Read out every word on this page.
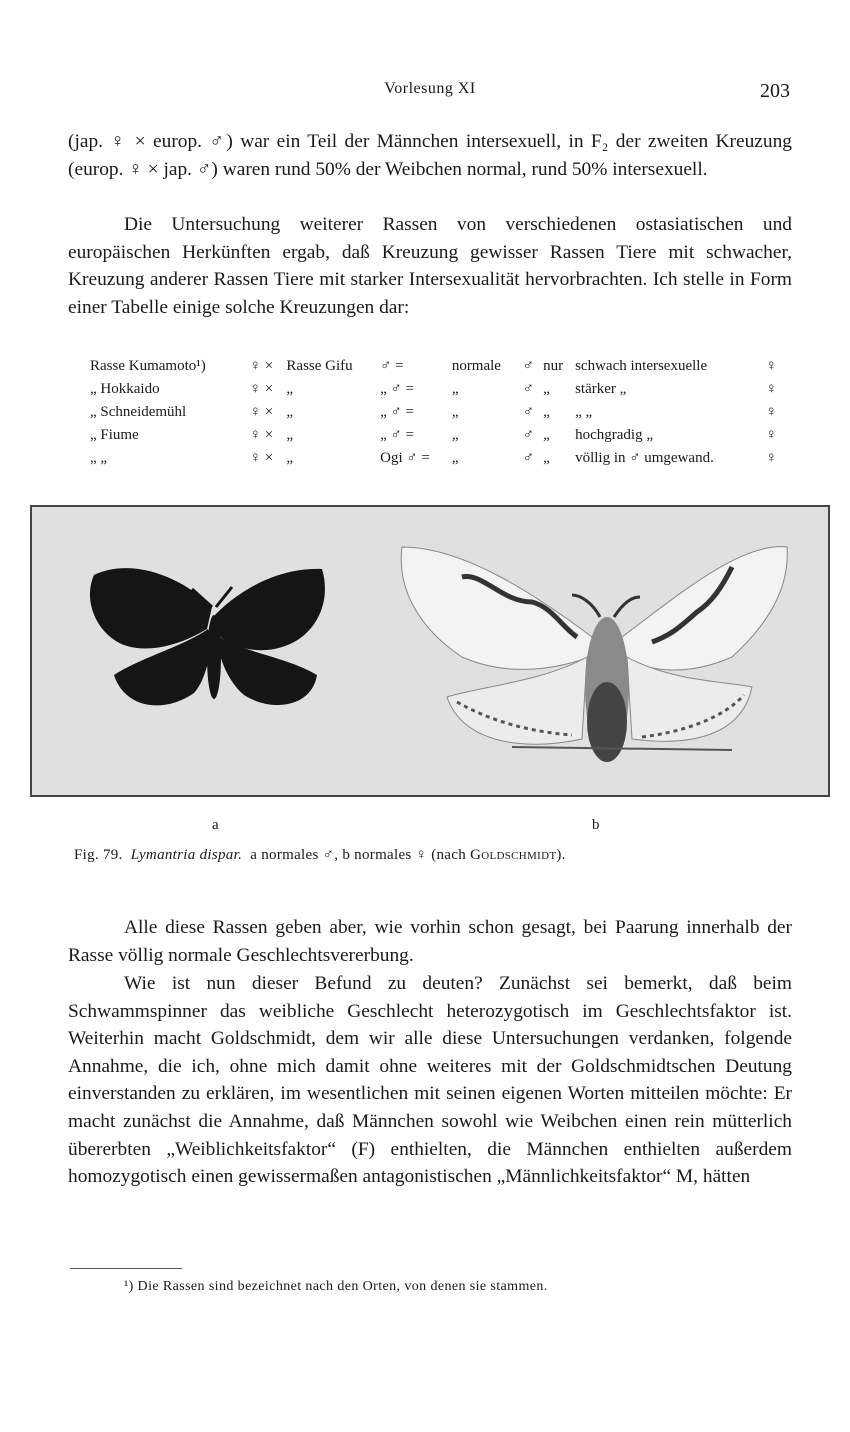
Vorlesung XI	203

(jap. ♀ × europ. ♂) war ein Teil der Männchen intersexuell, in F₂ der zweiten Kreuzung (europ. ♀ × jap. ♂) waren rund 50% der Weibchen normal, rund 50% intersexuell.

Die Untersuchung weiterer Rassen von verschiedenen ostasiatischen und europäischen Herkünften ergab, daß Kreuzung gewisser Rassen Tiere mit schwacher, Kreuzung anderer Rassen Tiere mit starker Intersexualität hervorbrachten. Ich stelle in Form einer Tabelle einige solche Kreuzungen dar:

Rasse Kumamoto¹)	♀ ×	Rasse Gifu	♂ =	normale	♂	nur	schwach intersexuelle	♀
„ Hokkaido	♀ ×	„	„ ♂ =	„	♂	„	stärker „	♀
„ Schneidemühl	♀ ×	„	„ ♂ =	„	♂	„	„ „	♀
„ Fiume	♀ ×	„	„ ♂ =	„	♂	„	hochgradig „	♀
„ „	♀ ×	„	Ogi ♂ =	„	♂	„	völlig in ♂ umgewand.	♀
a	b
Fig. 79. Lymantria dispar. a normales ♂, b normales ♀ (nach Goldschmidt).

Alle diese Rassen geben aber, wie vorhin schon gesagt, bei Paarung innerhalb der Rasse völlig normale Geschlechtsvererbung.

Wie ist nun dieser Befund zu deuten? Zunächst sei bemerkt, daß beim Schwammspinner das weibliche Geschlecht heterozygotisch im Geschlechtsfaktor ist. Weiterhin macht Goldschmidt, dem wir alle diese Untersuchungen verdanken, folgende Annahme, die ich, ohne mich damit ohne weiteres mit der Goldschmidtschen Deutung einverstanden zu erklären, im wesentlichen mit seinen eigenen Worten mitteilen möchte: Er macht zunächst die Annahme, daß Männchen sowohl wie Weibchen einen rein mütterlich übererbten „Weiblichkeitsfaktor“ (F) enthielten, die Männchen enthielten außerdem homozygotisch einen gewissermaßen antagonistischen „Männlichkeitsfaktor“ M, hätten

¹) Die Rassen sind bezeichnet nach den Orten, von denen sie stammen.
